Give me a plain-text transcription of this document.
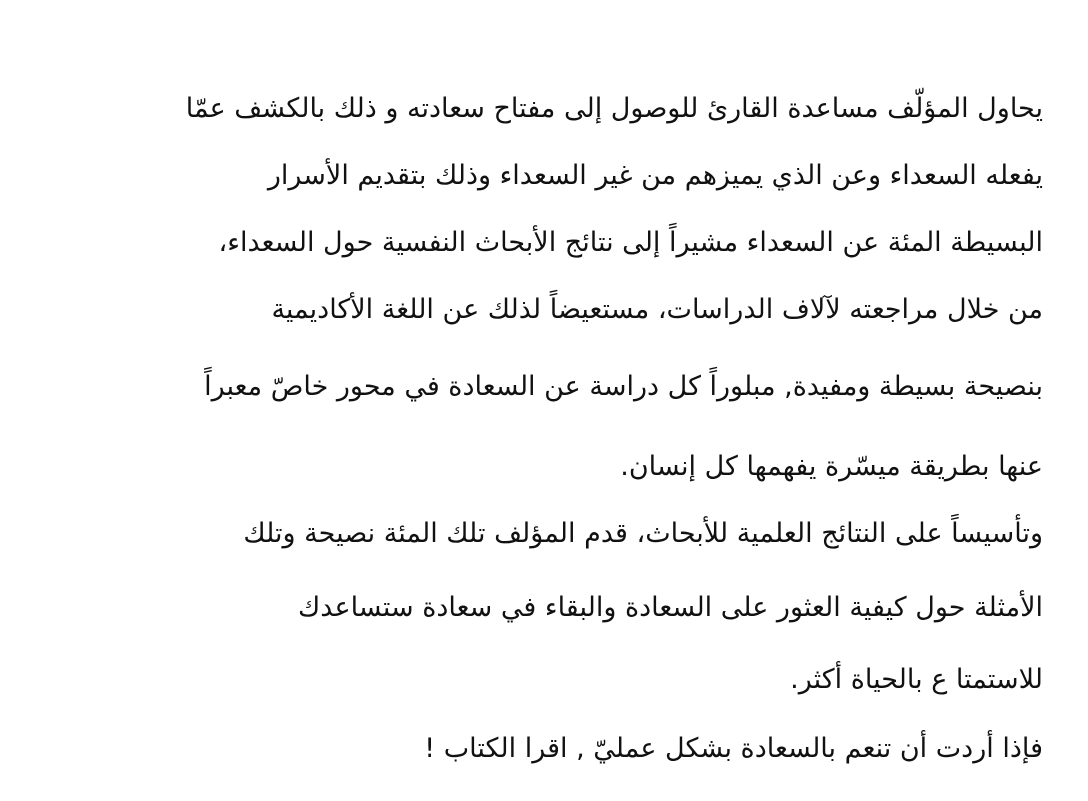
يحاول المؤلّف مساعدة القارئ للوصول إلى مفتاح سعادته و ذلك بالكشف عمّا
يفعله السعداء وعن الذي يميزهم من غير السعداء وذلك بتقديم الأسرار
البسيطة المئة عن السعداء مشيراً إلى نتائج الأبحاث النفسية حول السعداء،
من خلال مراجعته لآلاف الدراسات، مستعيضاً لذلك عن اللغة الأكاديمية
بنصيحة بسيطة ومفيدة, مبلوراً كل دراسة عن السعادة في محور خاصّ معبراً
عنها بطريقة ميسّرة يفهمها كل إنسان.
وتأسيساً على النتائج العلمية للأبحاث، قدم المؤلف تلك المئة نصيحة وتلك
الأمثلة حول كيفية العثور على السعادة والبقاء في سعادة ستساعدك
للاستمتا ع بالحياة أكثر.
فإذا أردت أن تنعم بالسعادة بشكل عمليّ , اقرا الكتاب !
